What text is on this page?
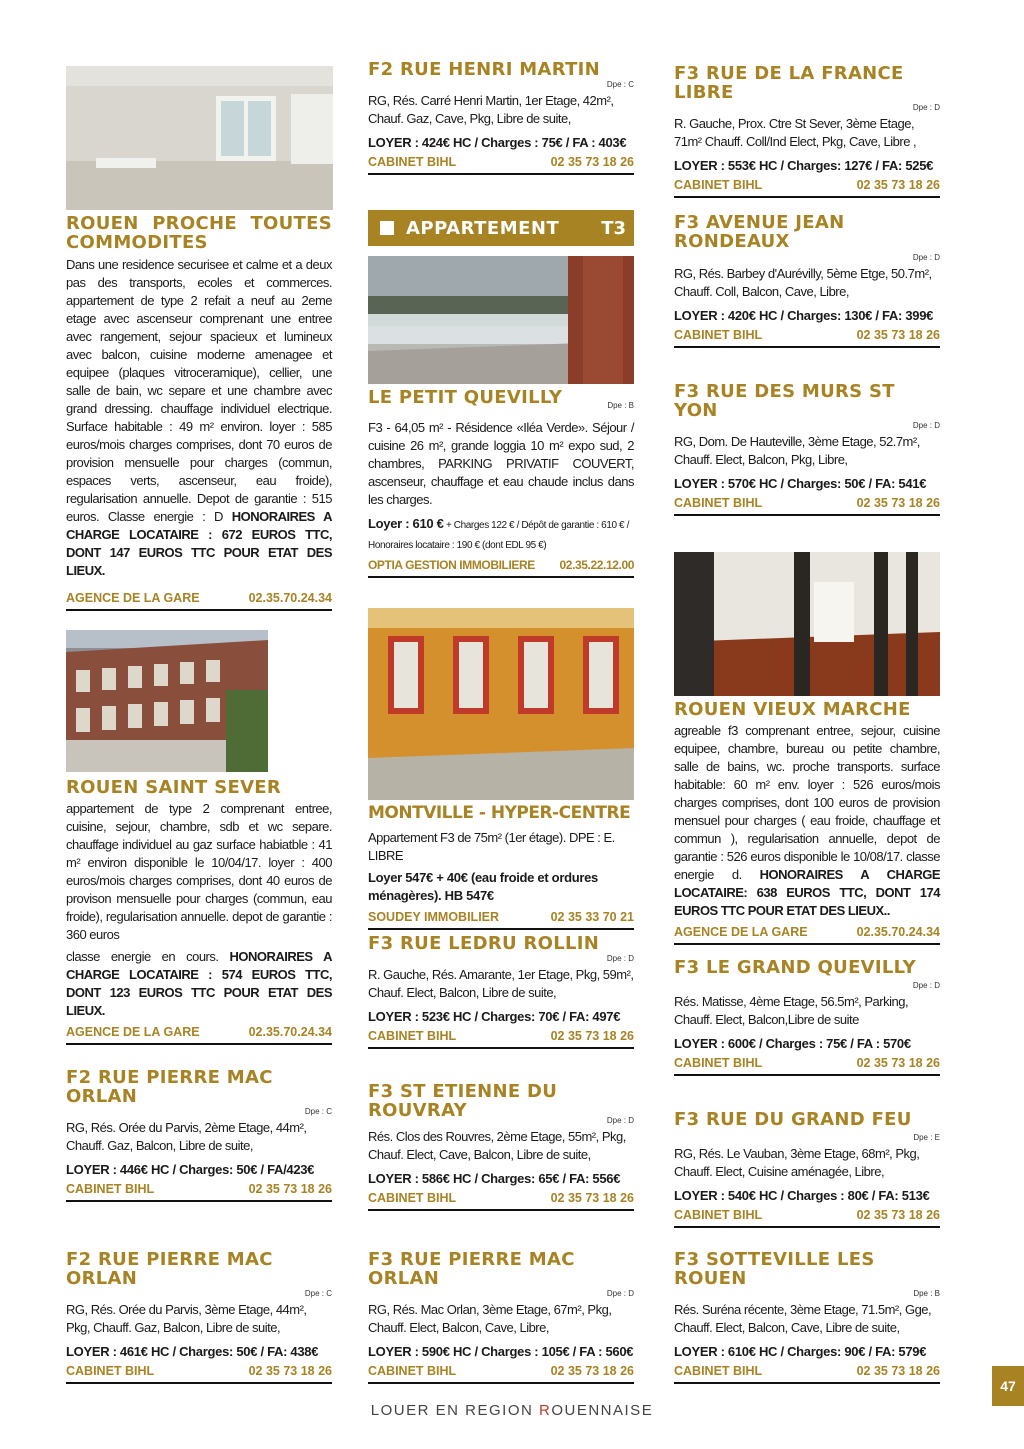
ROUEN PROCHE TOUTES COMMODITES

Dans une residence securisee et calme et a deux pas des transports, ecoles et commerces. appartement de type 2 refait a neuf au 2eme etage avec ascenseur comprenant une entree avec rangement, sejour spacieux et lumineux avec balcon, cuisine moderne amenagee et equipee (plaques vitroceramique), cellier, une salle de bain, wc separe et une chambre avec grand dressing. chauffage individuel electrique. Surface habitable : 49 m² environ. loyer : 585 euros/mois charges comprises, dont 70 euros de provision mensuelle pour charges (commun, espaces verts, ascenseur, eau froide), regularisation annuelle. Depot de garantie : 515 euros. Classe energie : D HONORAIRES A CHARGE LOCATAIRE : 672 EUROS TTC, DONT 147 EUROS TTC POUR ETAT DES LIEUX.

AGENCE DE LA GARE	02.35.70.24.34

ROUEN SAINT SEVER

appartement de type 2 comprenant entree, cuisine, sejour, chambre, sdb et wc separe. chauffage individuel au gaz surface habiatble : 41 m² environ disponible le 10/04/17. loyer : 400 euros/mois charges comprises, dont 40 euros de provison mensuelle pour charges (commun, eau froide), regularisation annuelle. depot de garantie : 360 euros

classe energie en cours. HONORAIRES A CHARGE LOCATAIRE : 574 EUROS TTC, DONT 123 EUROS TTC POUR ETAT DES LIEUX.

AGENCE DE LA GARE	02.35.70.24.34

F2 RUE PIERRE MAC ORLAN

Dpe : C

RG, Rés. Orée du Parvis, 2ème Etage, 44m², Chauff. Gaz, Balcon, Libre de suite,

LOYER : 446€ HC / Charges: 50€ / FA/423€
CABINET BIHL	02 35 73 18 26

F2 RUE PIERRE MAC ORLAN

Dpe : C

RG, Rés. Orée du Parvis, 3ème Etage, 44m², Pkg, Chauff. Gaz, Balcon, Libre de suite,

LOYER : 461€ HC / Charges: 50€ / FA: 438€
CABINET BIHL	02 35 73 18 26

F2 RUE HENRI MARTIN

Dpe : C

RG, Rés. Carré Henri Martin, 1er Etage, 42m², Chauf. Gaz, Cave, Pkg, Libre de suite,

LOYER : 424€ HC / Charges : 75€ / FA : 403€
CABINET BIHL	02 35 73 18 26
APPARTEMENT	T3

LE PETIT QUEVILLY	Dpe : B

F3 - 64,05 m² - Résidence «Iléa Verde». Séjour / cuisine 26 m², grande loggia 10 m² expo sud, 2 chambres, PARKING PRIVATIF COUVERT, ascenseur, chauffage et eau chaude inclus dans les charges.

Loyer : 610 € + Charges 122 € / Dépôt de garantie : 610 € / Honoraires locataire : 190 € (dont EDL 95 €)
OPTIA GESTION IMMOBILIERE 02.35.22.12.00

MONTVILLE - HYPER-CENTRE

Appartement F3 de 75m² (1er étage). DPE : E. LIBRE

Loyer 547€ + 40€ (eau froide et ordures ménagères). HB 547€
SOUDEY IMMOBILIER	02 35 33 70 21

F3 RUE LEDRU ROLLIN

Dpe : D

R. Gauche, Rés. Amarante, 1er Etage, Pkg, 59m², Chauf. Elect, Balcon, Libre de suite,

LOYER : 523€ HC / Charges: 70€ / FA: 497€
CABINET BIHL	02 35 73 18 26

F3 ST ETIENNE DU ROUVRAY	Dpe : D

Rés. Clos des Rouvres, 2ème Etage, 55m², Pkg, Chauf. Elect, Cave, Balcon, Libre de suite,

LOYER : 586€ HC / Charges: 65€ / FA: 556€
CABINET BIHL	02 35 73 18 26

F3 RUE PIERRE MAC ORLAN

Dpe : D

RG, Rés. Mac Orlan, 3ème Etage, 67m², Pkg, Chauff. Elect, Balcon, Cave, Libre,

LOYER : 590€ HC / Charges : 105€ / FA : 560€
CABINET BIHL	02 35 73 18 26

F3 RUE DE LA FRANCE LIBRE

Dpe : D

R. Gauche, Prox. Ctre St Sever, 3ème Etage, 71m² Chauff. Coll/Ind Elect, Pkg, Cave, Libre ,

LOYER : 553€ HC / Charges: 127€ / FA: 525€
CABINET BIHL	02 35 73 18 26

F3 AVENUE JEAN RONDEAUX

Dpe : D

RG, Rés. Barbey d'Aurévilly, 5ème Etge, 50.7m², Chauff. Coll, Balcon, Cave, Libre,

LOYER : 420€ HC / Charges: 130€ / FA: 399€
CABINET BIHL	02 35 73 18 26

F3 RUE DES MURS ST YON

Dpe : D

RG, Dom. De Hauteville, 3ème Etage, 52.7m², Chauff. Elect, Balcon, Pkg, Libre,

LOYER : 570€ HC / Charges: 50€ / FA: 541€
CABINET BIHL	02 35 73 18 26

ROUEN VIEUX MARCHE

agreable f3 comprenant entree, sejour, cuisine equipee, chambre, bureau ou petite chambre, salle de bains, wc. proche transports. surface habitable: 60 m² env. loyer : 526 euros/mois charges comprises, dont 100 euros de provision mensuel pour charges ( eau froide, chauffage et commun ), regularisation annuelle, depot de garantie : 526 euros disponible le 10/08/17. classe energie d. HONORAIRES A CHARGE LOCATAIRE: 638 EUROS TTC, DONT 174 EUROS TTC POUR ETAT DES LIEUX..

AGENCE DE LA GARE	02.35.70.24.34

F3 LE GRAND QUEVILLY

Dpe : D

Rés. Matisse, 4ème Etage, 56.5m², Parking, Chauff. Elect, Balcon,Libre de suite

LOYER : 600€ / Charges : 75€ / FA : 570€
CABINET BIHL	02 35 73 18 26

F3 RUE DU GRAND FEU

Dpe : E

RG, Rés. Le Vauban, 3ème Etage, 68m², Pkg, Chauff. Elect, Cuisine aménagée, Libre,

LOYER : 540€ HC / Charges : 80€ / FA: 513€
CABINET BIHL	02 35 73 18 26

F3 SOTTEVILLE LES ROUEN

Dpe : B

Rés. Suréna récente, 3ème Etage, 71.5m², Gge, Chauff. Elect, Balcon, Cave, Libre de suite,

LOYER : 610€ HC / Charges: 90€ / FA: 579€
CABINET BIHL	02 35 73 18 26
LOUER EN REGION ROUENNAISE
47
